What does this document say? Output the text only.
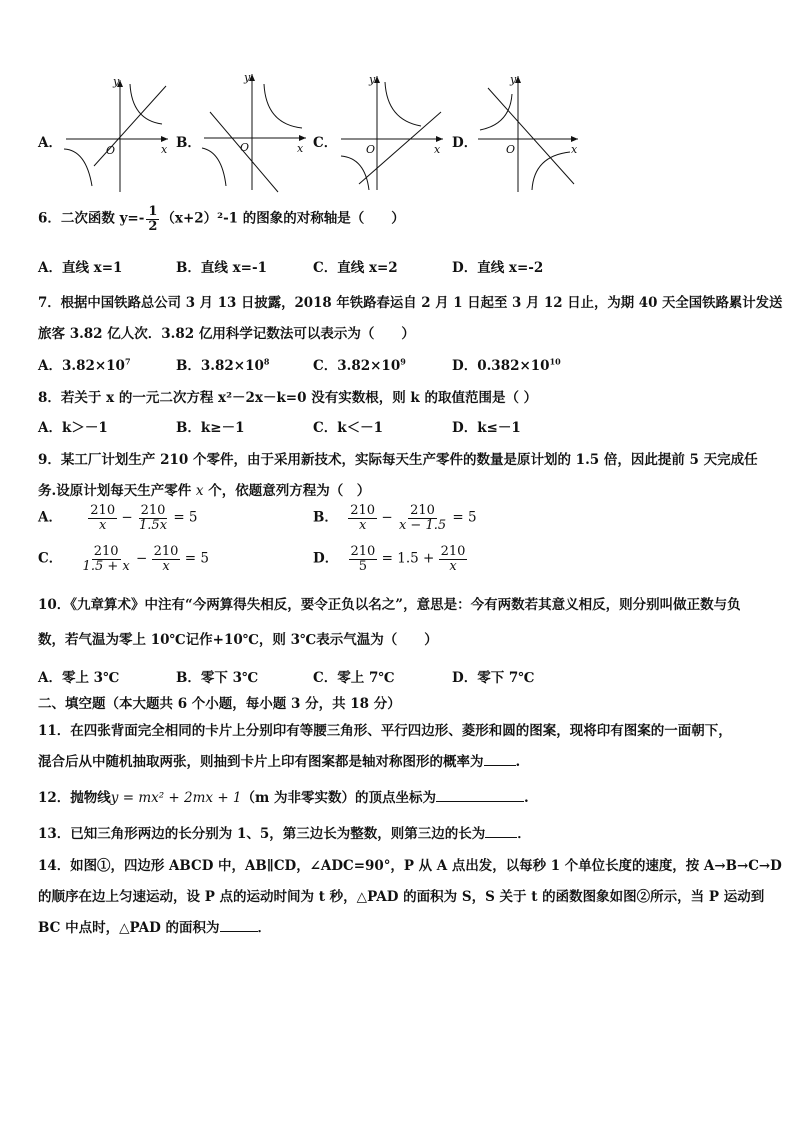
A．
y
x
O	B．
y
x
O	C．
y
x
O	D．
y
x
O
6．二次函数 $y=- \frac{1}{2} (x+2)^2-1$ 的图象的对称轴是（　　）
A．直线 x=1	B．直线 x=-1	C．直线 x=2	D．直线 x=-2
7．根据中国铁路总公司 3 月 13 日披露，2018 年铁路春运自 2 月 1 日起至 3 月 12 日止，为期 40 天全国铁路累计发送
旅客 3.82 亿人次．3.82 亿用科学记数法可以表示为（　　）
A．$3.82\times 10^7$	B．$3.82\times 10^8$	C．$3.82\times 10^9$	D．$0.382\times 10^{10}$
8．若关于 x 的一元二次方程 x²－2x－k=0 没有实数根，则 k 的取值范围是（ ）
A．k＞－1	B．k≥－1	C．k＜－1	D．k≤－1
9．某工厂计划生产 210 个零件，由于采用新技术，实际每天生产零件的数量是原计划的 1.5 倍，因此提前 5 天完成任
务.设原计划每天生产零件 x 个，依题意列方程为（　）
A． $\frac{210}{x} - \frac{210}{1.5x} = 5$	B． $\frac{210}{x} - \frac{210}{x - 1.5} = 5$
C． $\frac{210}{1.5 + x} - \frac{210}{x} = 5$	D． $\frac{210}{5} = 1.5 + \frac{210}{x}$
10．《九章算术》中注有“今两算得失相反，要令正负以名之”，意思是：今有两数若其意义相反，则分别叫做正数与负
数，若气温为零上 10℃记作+10℃，则 3℃表示气温为（　　）
A．零上 3℃	B．零下 3℃	C．零上 7℃	D．零下 7℃
二、填空题（本大题共 6 个小题，每小题 3 分，共 18 分）
11．在四张背面完全相同的卡片上分别印有等腰三角形、平行四边形、菱形和圆的图案，现将印有图案的一面朝下，
混合后从中随机抽取两张，则抽到卡片上印有图案都是轴对称图形的概率为 .
12．抛物线y = mx² + 2mx + 1（m 为非零实数）的顶点坐标为	.
13．已知三角形两边的长分别为 1、5，第三边长为整数，则第三边的长为 ．
14．如图①，四边形 ABCD 中，AB∥CD，∠ADC=90°，P 从 A 点出发，以每秒 1 个单位长度的速度，按 A→B→C→D
的顺序在边上匀速运动，设 P 点的运动时间为 t 秒，△PAD 的面积为 S，S 关于 t 的函数图象如图②所示，当 P 运动到
BC 中点时，△PAD 的面积为	．
